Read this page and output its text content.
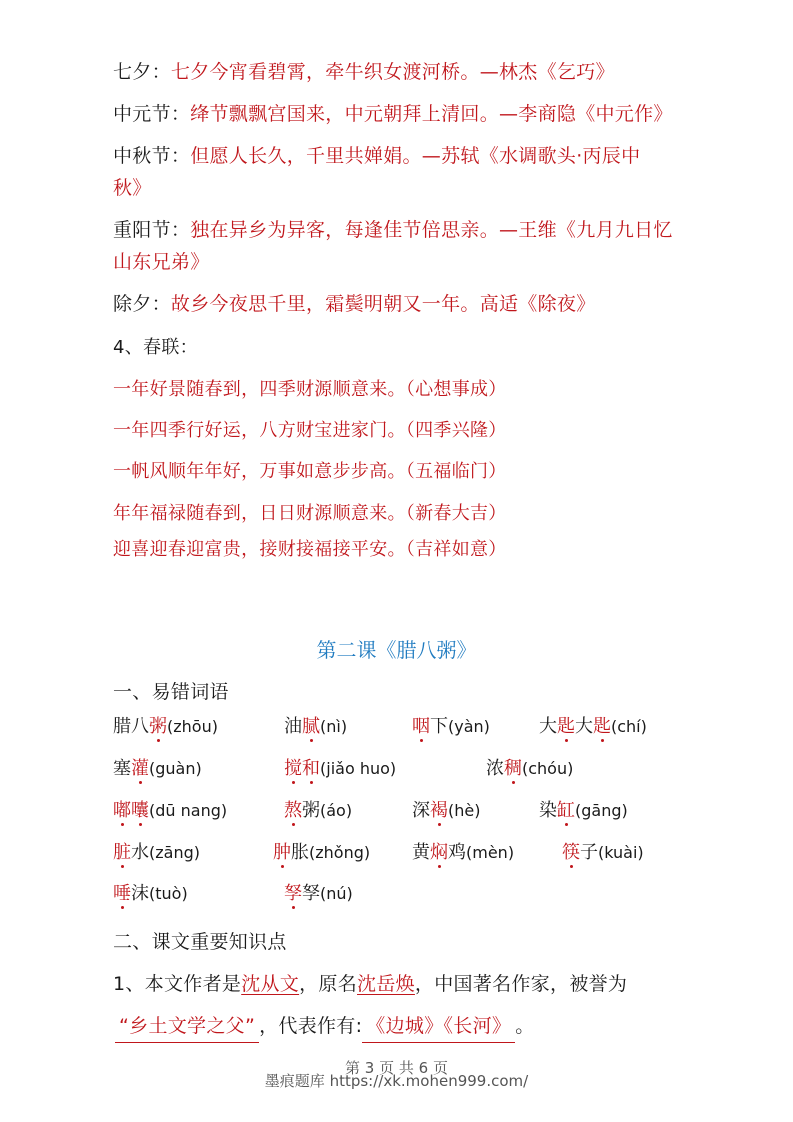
七夕：七夕今宵看碧霄，牵牛织女渡河桥。—林杰《乞巧》
中元节：绛节飘飘宫国来，中元朝拜上清回。—李商隐《中元作》
中秋节：但愿人长久，千里共婵娟。—苏轼《水调歌头·丙辰中
秋》
重阳节：独在异乡为异客，每逢佳节倍思亲。—王维《九月九日忆
山东兄弟》
除夕：故乡今夜思千里，霜鬓明朝又一年。高适《除夜》
4、春联：
一年好景随春到，四季财源顺意来。（心想事成）
一年四季行好运，八方财宝进家门。（四季兴隆）
一帆风顺年年好，万事如意步步高。（五福临门）
年年福禄随春到，日日财源顺意来。（新春大吉）
迎喜迎春迎富贵，接财接福接平安。（吉祥如意）
第二课《腊八粥》
一、易错词语
腊八粥(zhōu)	油腻(nì)	咽下(yàn)	大匙大匙(chí)
塞灌(guàn)	搅和(jiǎo huo)	浓稠(chóu)
嘟囔(dū nang)	熬粥(áo)	深褐(hè)	染缸(gāng)
脏水(zāng)	肿胀(zhǒng) 黄焖鸡(mèn)	筷子(kuài)
唾沫(tuò)	孥孥(nú)
二、课文重要知识点
1、本文作者是沈从文，原名沈岳焕，中国著名作家，被誉为
“乡土文学之父” ，代表作有: 《边城》《长河》 。
第 3 页 共 6 页
墨痕题库 https://xk.mohen999.com/
